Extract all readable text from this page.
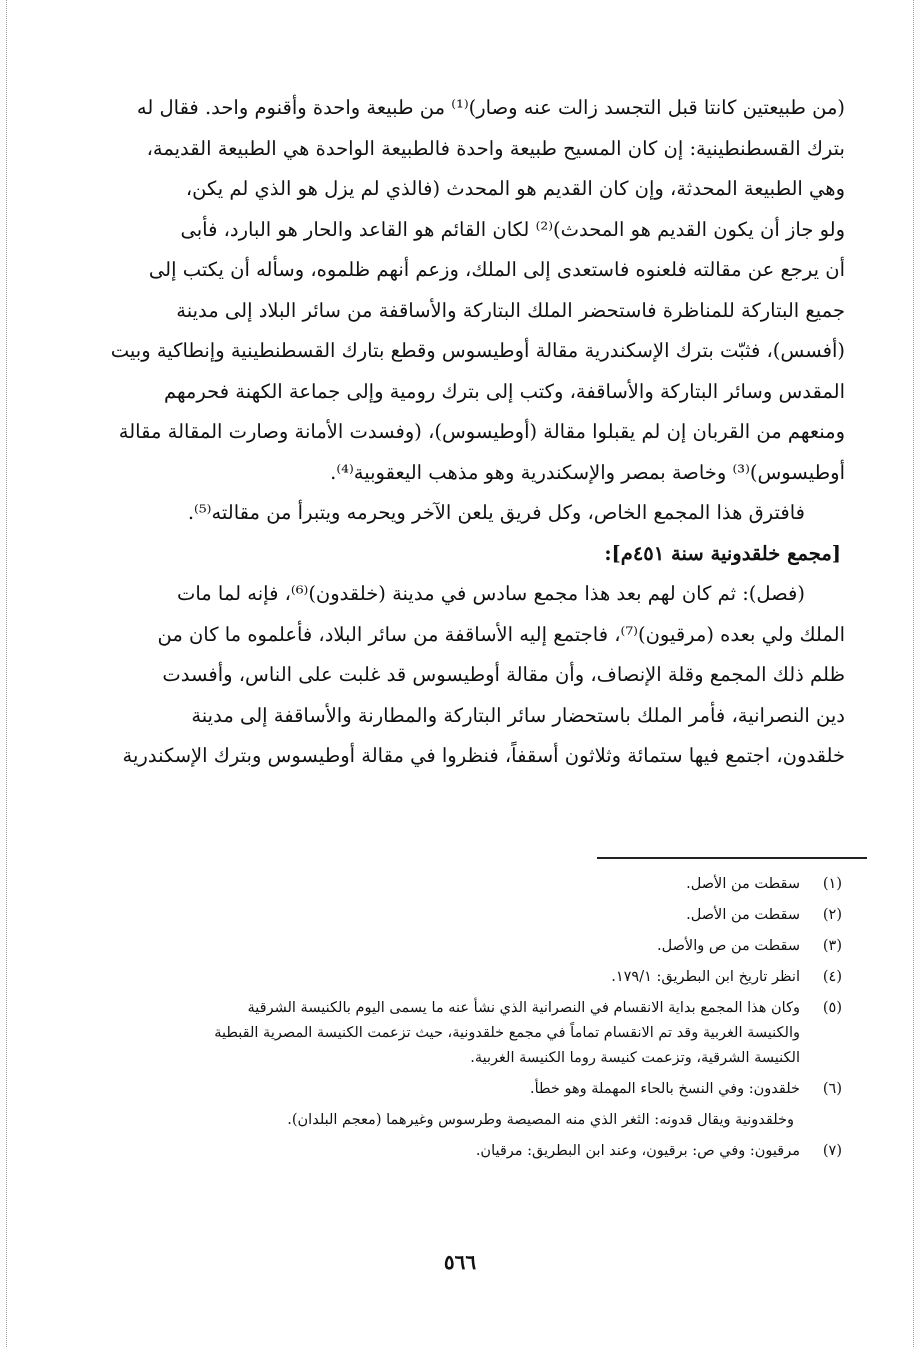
(من طبيعتين كانتا قبل التجسد زالت عنه وصار)⁽¹⁾ من طبيعة واحدة وأقنوم واحد. فقال له
بترك القسطنطينية: إن كان المسيح طبيعة واحدة فالطبيعة الواحدة هي الطبيعة القديمة،
وهي الطبيعة المحدثة، وإن كان القديم هو المحدث (فالذي لم يزل هو الذي لم يكن،
ولو جاز أن يكون القديم هو المحدث)⁽²⁾ لكان القائم هو القاعد والحار هو البارد، فأبى
أن يرجع عن مقالته فلعنوه فاستعدى إلى الملك، وزعم أنهم ظلموه، وسأله أن يكتب إلى
جميع البتاركة للمناظرة فاستحضر الملك البتاركة والأساقفة من سائر البلاد إلى مدينة
(أفسس)، فثبّت بترك الإسكندرية مقالة أوطيسوس وقطع بتارك القسطنطينية وإنطاكية وبيت
المقدس وسائر البتاركة والأساقفة، وكتب إلى بترك رومية وإلى جماعة الكهنة فحرمهم
ومنعهم من القربان إن لم يقبلوا مقالة (أوطيسوس)، (وفسدت الأمانة وصارت المقالة مقالة
أوطيسوس)⁽³⁾ وخاصة بمصر والإسكندرية وهو مذهب اليعقوبية⁽⁴⁾.
فافترق هذا المجمع الخاص، وكل فريق يلعن الآخر ويحرمه ويتبرأ من مقالته⁽⁵⁾.
[مجمع خلقدونية سنة ٤٥١م]:
(فصل): ثم كان لهم بعد هذا مجمع سادس في مدينة (خلقدون)⁽⁶⁾، فإنه لما مات
الملك ولي بعده (مرقيون)⁽⁷⁾، فاجتمع إليه الأساقفة من سائر البلاد، فأعلموه ما كان من
ظلم ذلك المجمع وقلة الإنصاف، وأن مقالة أوطيسوس قد غلبت على الناس، وأفسدت
دين النصرانية، فأمر الملك باستحضار سائر البتاركة والمطارنة والأساقفة إلى مدينة
خلقدون، اجتمع فيها ستمائة وثلاثون أسقفاً، فنظروا في مقالة أوطيسوس وبترك الإسكندرية
(١)
سقطت من الأصل.
(٢)
سقطت من الأصل.
(٣)
سقطت من ص والأصل.
(٤)
انظر تاريخ ابن البطريق: ١٧٩/١.
(٥)
وكان هذا المجمع بداية الانقسام في النصرانية الذي نشأ عنه ما يسمى اليوم بالكنيسة الشرقية
والكنيسة الغربية وقد تم الانقسام تماماً في مجمع خلقدونية، حيث تزعمت الكنيسة المصرية القبطية
الكنيسة الشرقية، وتزعمت كنيسة روما الكنيسة الغربية.
(٦)
خلقدون: وفي النسخ بالحاء المهملة وهو خطأ.
وخلقدونية ويقال قدونه: الثغر الذي منه المصيصة وطرسوس وغيرهما (معجم البلدان).
(٧)
مرقيون: وفي ص: برقيون، وعند ابن البطريق: مرقيان.
٥٦٦
